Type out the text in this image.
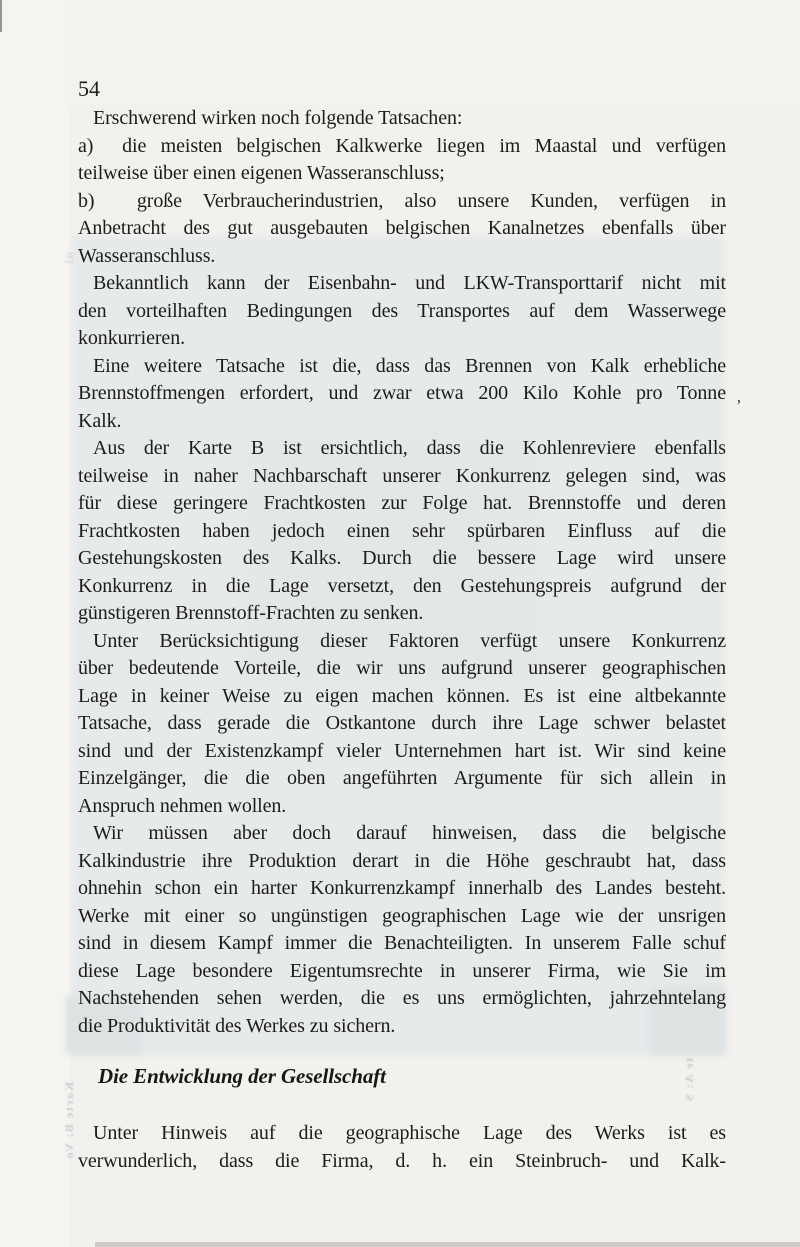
54
Erschwerend wirken noch folgende Tatsachen:
a)  die meisten belgischen Kalkwerke liegen im Maastal und verfügen
teilweise über einen eigenen Wasseranschluss;
b)  große Verbraucherindustrien, also unsere Kunden, verfügen in
Anbetracht des gut ausgebauten belgischen Kanalnetzes ebenfalls über
Wasseranschluss.
Bekanntlich kann der Eisenbahn- und LKW-Transporttarif nicht mit
den vorteilhaften Bedingungen des Transportes auf dem Wasserwege
konkurrieren.
Eine weitere Tatsache ist die, dass das Brennen von Kalk erhebliche
Brennstoffmengen erfordert, und zwar etwa 200 Kilo Kohle pro Tonne
Kalk.
Aus der Karte B ist ersichtlich, dass die Kohlenreviere ebenfalls
teilweise in naher Nachbarschaft unserer Konkurrenz gelegen sind, was
für diese geringere Frachtkosten zur Folge hat. Brennstoffe und deren
Frachtkosten haben jedoch einen sehr spürbaren Einfluss auf die
Gestehungskosten des Kalks. Durch die bessere Lage wird unsere
Konkurrenz in die Lage versetzt, den Gestehungspreis aufgrund der
günstigeren Brennstoff-Frachten zu senken.
Unter Berücksichtigung dieser Faktoren verfügt unsere Konkurrenz
über bedeutende Vorteile, die wir uns aufgrund unserer geographischen
Lage in keiner Weise zu eigen machen können. Es ist eine altbekannte
Tatsache, dass gerade die Ostkantone durch ihre Lage schwer belastet
sind und der Existenzkampf vieler Unternehmen hart ist. Wir sind keine
Einzelgänger, die die oben angeführten Argumente für sich allein in
Anspruch nehmen wollen.
Wir müssen aber doch darauf hinweisen, dass die belgische
Kalkindustrie ihre Produktion derart in die Höhe geschraubt hat, dass
ohnehin schon ein harter Konkurrenzkampf innerhalb des Landes besteht.
Werke mit einer so ungünstigen geographischen Lage wie der unsrigen
sind in diesem Kampf immer die Benachteiligten. In unserem Falle schuf
diese Lage besondere Eigentumsrechte in unserer Firma, wie Sie im
Nachstehenden sehen werden, die es uns ermöglichten, jahrzehntelang
die Produktivität des Werkes zu sichern.
Die Entwicklung der Gesellschaft
Unter Hinweis auf die geographische Lage des Werks ist es
verwunderlich, dass die Firma, d. h. ein Steinbruch- und Kalk-
’
ul
Karte B: Vo
te A: S
